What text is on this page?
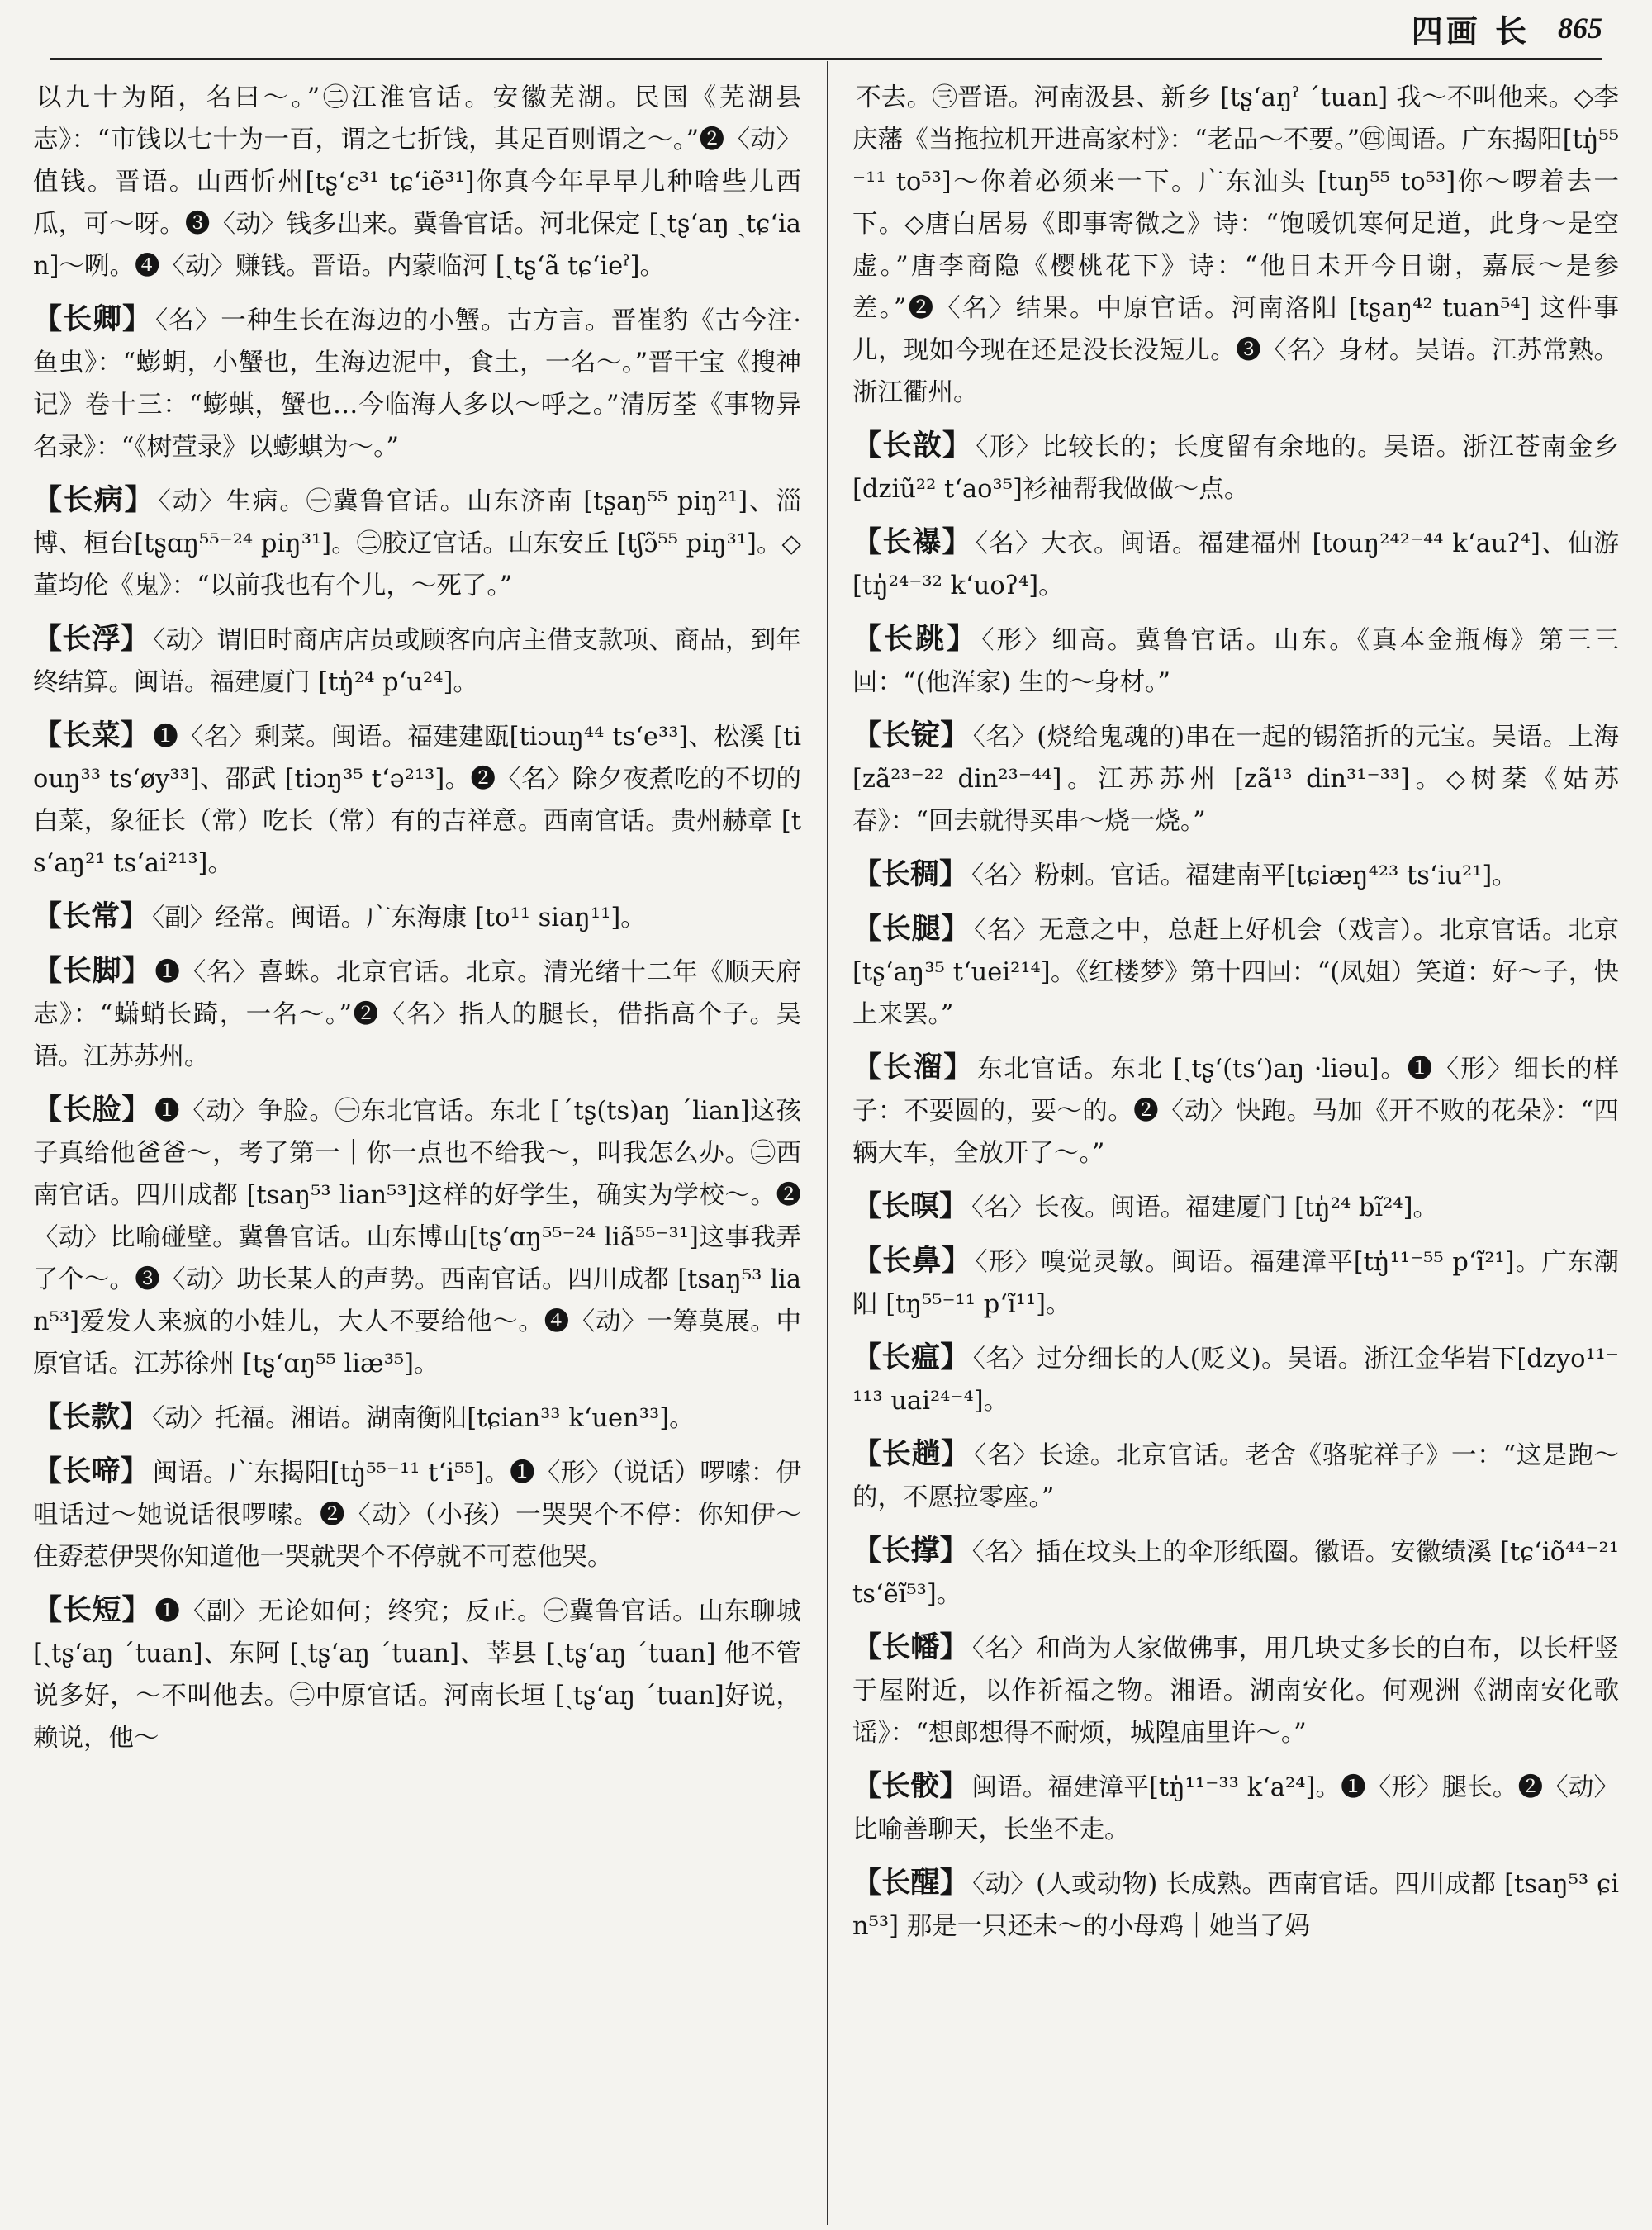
四画 长 865

以九十为陌，名曰～。”㊁江淮官话。安徽芜湖。民国《芜湖县志》：“市钱以七十为一百，谓之七折钱，其足百则谓之～。”❷〈动〉值钱。晋语。山西忻州[tʂʻɛ³¹ tɕʻiẽ³¹]你真今年早早儿种啥些儿西瓜，可～呀。❸〈动〉钱多出来。冀鲁官话。河北保定 [ˏtʂʻaŋ ˏtɕʻian]～咧。❹〈动〉赚钱。晋语。内蒙临河 [ˏtʂʻã tɕʻieˀ]。

【长卿】 〈名〉一种生长在海边的小蟹。古方言。晋崔豹《古今注·鱼虫》：“蟛蚏，小蟹也，生海边泥中，食土，一名～。”晋干宝《搜神记》卷十三：“蟛蜞，蟹也…今临海人多以～呼之。”清厉荃《事物异名录》：“《树萱录》以蟛蜞为～。”

【长病】 〈动〉生病。㊀冀鲁官话。山东济南 [tʂaŋ⁵⁵ piŋ²¹]、淄博、桓台[tʂɑŋ⁵⁵⁻²⁴ piŋ³¹]。㊁胶辽官话。山东安丘 [tʃɔ̃⁵⁵ piŋ³¹]。◇董均伦《鬼》：“以前我也有个儿，～死了。”

【长浮】 〈动〉谓旧时商店店员或顾客向店主借支款项、商品，到年终结算。闽语。福建厦门 [tŋ̍²⁴ pʻu²⁴]。

【长菜】 ❶〈名〉剩菜。闽语。福建建瓯[tiɔuŋ⁴⁴ tsʻe³³]、松溪 [tiouŋ³³ tsʻøy³³]、邵武 [tiɔŋ³⁵ tʻə²¹³]。❷〈名〉除夕夜煮吃的不切的白菜，象征长（常）吃长（常）有的吉祥意。西南官话。贵州赫章 [tsʻaŋ²¹ tsʻai²¹³]。

【长常】 〈副〉经常。闽语。广东海康 [to¹¹ siaŋ¹¹]。

【长脚】 ❶〈名〉喜蛛。北京官话。北京。清光绪十二年《顺天府志》：“蟏蛸长踦，一名～。”❷〈名〉指人的腿长，借指高个子。吴语。江苏苏州。

【长脸】 ❶〈动〉争脸。㊀东北官话。东北 [ˊtʂ(ts)aŋ ˊlian]这孩子真给他爸爸～，考了第一｜你一点也不给我～，叫我怎么办。㊁西南官话。四川成都 [tsaŋ⁵³ lian⁵³]这样的好学生，确实为学校～。❷〈动〉比喻碰壁。冀鲁官话。山东博山[tʂʻɑŋ⁵⁵⁻²⁴ liã⁵⁵⁻³¹]这事我弄了个～。❸〈动〉助长某人的声势。西南官话。四川成都 [tsaŋ⁵³ lian⁵³]爱发人来疯的小娃儿，大人不要给他～。❹〈动〉一筹莫展。中原官话。江苏徐州 [tʂʻɑŋ⁵⁵ liæ³⁵]。

【长款】 〈动〉托福。湘语。湖南衡阳[tɕian³³ kʻuen³³]。

【长啼】 闽语。广东揭阳[tŋ̍⁵⁵⁻¹¹ tʻi⁵⁵]。❶〈形〉（说话）啰嗦：伊咀话过～她说话很啰嗦。❷〈动〉（小孩）一哭哭个不停：你知伊～住孬惹伊哭你知道他一哭就哭个不停就不可惹他哭。

【长短】 ❶〈副〉无论如何；终究；反正。㊀冀鲁官话。山东聊城 [ˏtʂʻaŋ ˊtuan]、东阿 [ˏtʂʻaŋ ˊtuan]、莘县 [ˏtʂʻaŋ ˊtuan] 他不管说多好，～不叫他去。㊁中原官话。河南长垣 [ˏtʂʻaŋ ˊtuan]好说，赖说，他～

不去。㊂晋语。河南汲县、新乡 [tʂʻaŋˀ ˊtuan] 我～不叫他来。◇李庆藩《当拖拉机开进高家村》：“老品～不要。”㊃闽语。广东揭阳[tŋ̍⁵⁵⁻¹¹ to⁵³]～你着必须来一下。广东汕头 [tuŋ⁵⁵ to⁵³]你～啰着去一下。◇唐白居易《即事寄微之》诗：“饱暖饥寒何足道，此身～是空虚。”唐李商隐《樱桃花下》诗：“他日未开今日谢，嘉辰～是参差。”❷〈名〉结果。中原官话。河南洛阳 [tʂaŋ⁴² tuan⁵⁴] 这件事儿，现如今现在还是没长没短儿。❸〈名〉身材。吴语。江苏常熟。浙江衢州。

【长敨】 〈形〉比较长的；长度留有余地的。吴语。浙江苍南金乡 [dziũ²² tʻao³⁵]衫袖帮我做做～点。

【长襮】 〈名〉大衣。闽语。福建福州 [touŋ²⁴²⁻⁴⁴ kʻauʔ⁴]、仙游 [tŋ̍²⁴⁻³² kʻuoʔ⁴]。

【长跳】 〈形〉细高。冀鲁官话。山东。《真本金瓶梅》第三三回：“(他浑家) 生的～身材。”

【长锭】 〈名〉(烧给鬼魂的)串在一起的锡箔折的元宝。吴语。上海 [zã²³⁻²² din²³⁻⁴⁴]。江苏苏州 [zã¹³ din³¹⁻³³]。◇树棻《姑苏春》：“回去就得买串～烧一烧。”

【长稠】 〈名〉粉刺。官话。福建南平[tɕiæŋ⁴²³ tsʻiu²¹]。

【长腿】 〈名〉无意之中，总赶上好机会（戏言）。北京官话。北京[tʂʻaŋ³⁵ tʻuei²¹⁴]。《红楼梦》第十四回：“(凤姐）笑道：好～子，快上来罢。”

【长溜】 东北官话。东北 [ˏtʂʻ(tsʻ)aŋ ·liəu]。❶〈形〉细长的样子：不要圆的，要～的。❷〈动〉快跑。马加《开不败的花朵》：“四辆大车，全放开了～。”

【长暝】 〈名〉长夜。闽语。福建厦门 [tŋ̍²⁴ bĩ²⁴]。

【长鼻】 〈形〉嗅觉灵敏。闽语。福建漳平[tŋ̍¹¹⁻⁵⁵ pʻĩ²¹]。广东潮阳 [tŋ⁵⁵⁻¹¹ pʻĩ¹¹]。

【长瘟】 〈名〉过分细长的人(贬义)。吴语。浙江金华岩下[dzyo¹¹⁻¹¹³ uai²⁴⁻⁴]。

【长趟】 〈名〉长途。北京官话。老舍《骆驼祥子》一：“这是跑～的，不愿拉零座。”

【长撑】 〈名〉插在坟头上的伞形纸圈。徽语。安徽绩溪 [tɕʻiõ⁴⁴⁻²¹ tsʻẽĩ⁵³]。

【长幡】 〈名〉和尚为人家做佛事，用几块丈多长的白布，以长杆竖于屋附近，以作祈福之物。湘语。湖南安化。何观洲《湖南安化歌谣》：“想郎想得不耐烦，城隍庙里许～。”

【长骹】 闽语。福建漳平[tŋ̍¹¹⁻³³ kʻa²⁴]。❶〈形〉腿长。❷〈动〉比喻善聊天，长坐不走。

【长醒】 〈动〉(人或动物) 长成熟。西南官话。四川成都 [tsaŋ⁵³ ɕin⁵³] 那是一只还未～的小母鸡｜她当了妈
